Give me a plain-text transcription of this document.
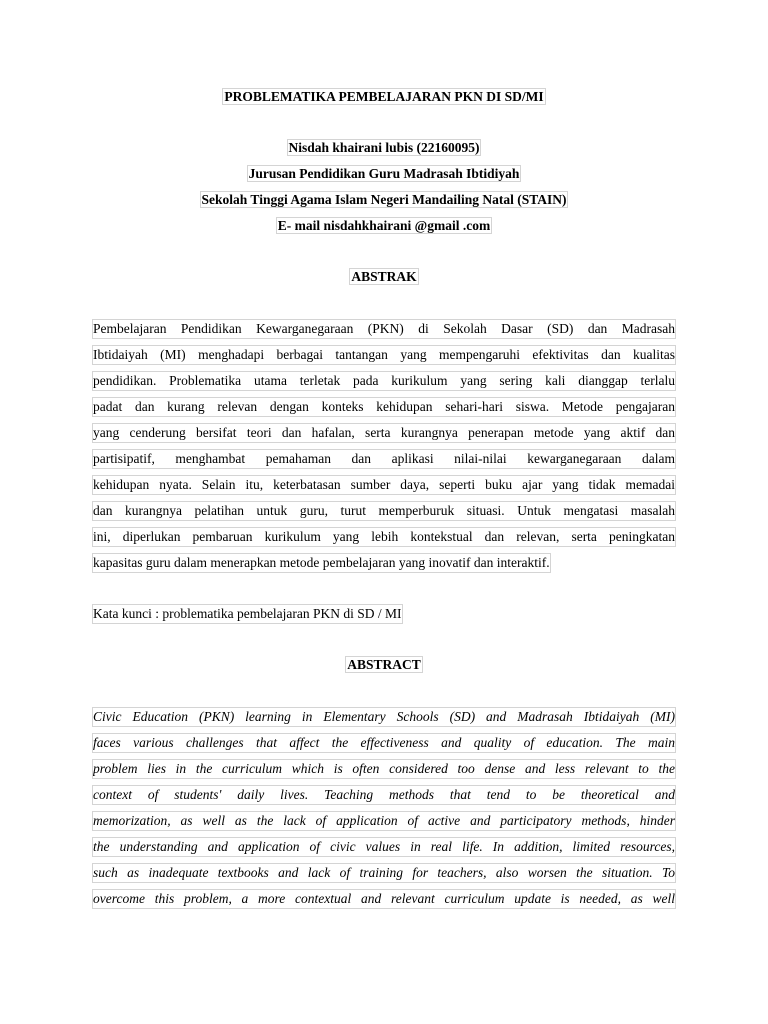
PROBLEMATIKA PEMBELAJARAN PKN DI SD/MI
Nisdah khairani lubis (22160095)
Jurusan Pendidikan Guru Madrasah Ibtidiyah
Sekolah Tinggi Agama Islam Negeri Mandailing Natal (STAIN)
E- mail nisdahkhairani @gmail .com
ABSTRAK
Pembelajaran Pendidikan Kewarganegaraan (PKN) di Sekolah Dasar (SD) dan Madrasah
Ibtidaiyah (MI) menghadapi berbagai tantangan yang mempengaruhi efektivitas dan kualitas
pendidikan. Problematika utama terletak pada kurikulum yang sering kali dianggap terlalu
padat dan kurang relevan dengan konteks kehidupan sehari-hari siswa. Metode pengajaran
yang cenderung bersifat teori dan hafalan, serta kurangnya penerapan metode yang aktif dan
partisipatif, menghambat pemahaman dan aplikasi nilai-nilai kewarganegaraan dalam
kehidupan nyata. Selain itu, keterbatasan sumber daya, seperti buku ajar yang tidak memadai
dan kurangnya pelatihan untuk guru, turut memperburuk situasi. Untuk mengatasi masalah
ini, diperlukan pembaruan kurikulum yang lebih kontekstual dan relevan, serta peningkatan
kapasitas guru dalam menerapkan metode pembelajaran yang inovatif dan interaktif.
Kata kunci : problematika pembelajaran PKN di SD / MI
ABSTRACT
Civic Education (PKN) learning in Elementary Schools (SD) and Madrasah Ibtidaiyah (MI)
faces various challenges that affect the effectiveness and quality of education. The main
problem lies in the curriculum which is often considered too dense and less relevant to the
context of students' daily lives. Teaching methods that tend to be theoretical and
memorization, as well as the lack of application of active and participatory methods, hinder
the understanding and application of civic values in real life. In addition, limited resources,
such as inadequate textbooks and lack of training for teachers, also worsen the situation. To
overcome this problem, a more contextual and relevant curriculum update is needed, as well
